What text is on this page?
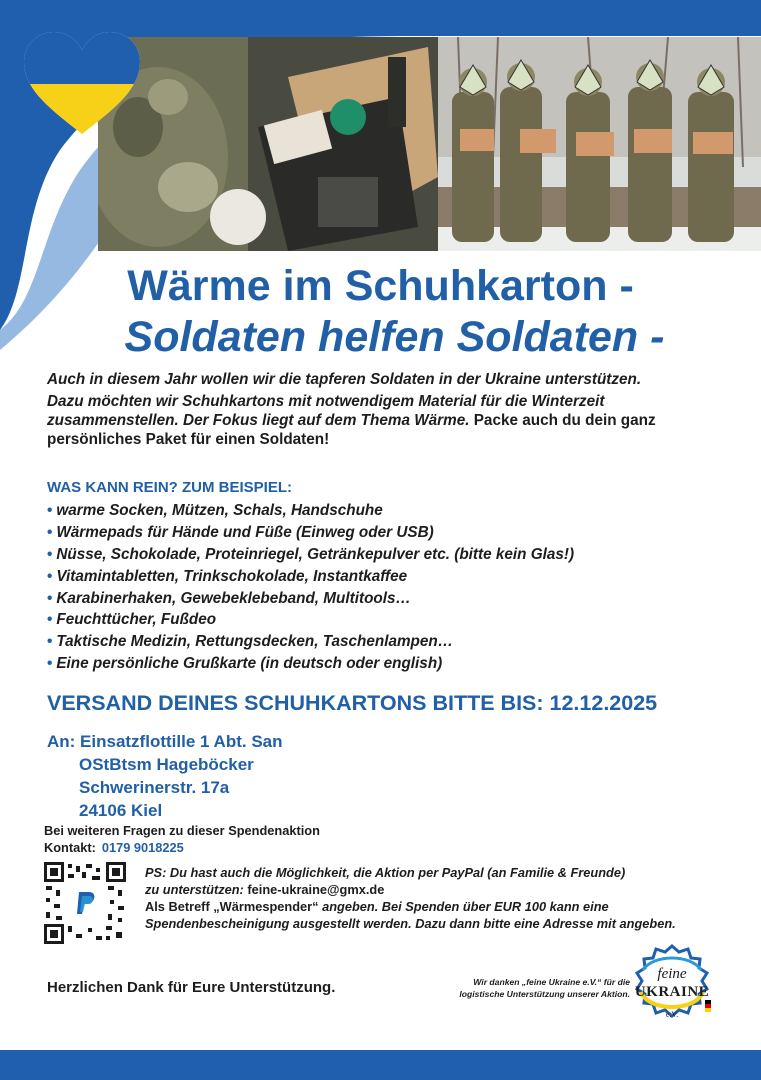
Wärme im Schuhkarton -
Soldaten helfen Soldaten -

Auch in diesem Jahr wollen wir die tapferen Soldaten in der Ukraine unterstützen.

Dazu möchten wir Schuhkartons mit notwendigem Material für die Winterzeit zusammenstellen. Der Fokus liegt auf dem Thema Wärme. Packe auch du dein ganz persönliches Paket für einen Soldaten!

WAS KANN REIN? ZUM BEISPIEL:
• warme Socken, Mützen, Schals, Handschuhe
• Wärmepads für Hände und Füße (Einweg oder USB)
• Nüsse, Schokolade, Proteinriegel, Getränkepulver etc. (bitte kein Glas!)
• Vitamintabletten, Trinkschokolade, Instantkaffee
• Karabinerhaken, Gewebeklebeband, Multitools…
• Feuchttücher, Fußdeo
• Taktische Medizin, Rettungsdecken, Taschenlampen…
• Eine persönliche Grußkarte (in deutsch oder english)
VERSAND DEINES SCHUHKARTONS BITTE BIS: 12.12.2025
An: Einsatzflottille 1 Abt. San
OStBtsm Hageböcker
Schwerinerstr. 17a
24106 Kiel
Bei weiteren Fragen zu dieser Spendenaktion
Kontakt: 0179 9018225
PS: Du hast auch die Möglichkeit, die Aktion per PayPal (an Familie & Freunde)
zu unterstützen: feine-ukraine@gmx.de
Als Betreff „Wärmespender“ angeben. Bei Spenden über EUR 100 kann eine
Spendenbescheinigung ausgestellt werden. Dazu dann bitte eine Adresse mit angeben.
Herzlichen Dank für Eure Unterstützung.	Wir danken „feine Ukraine e.V.“ für die
logistische Unterstützung unserer Aktion.
feine
UKRAINE
e.V.
